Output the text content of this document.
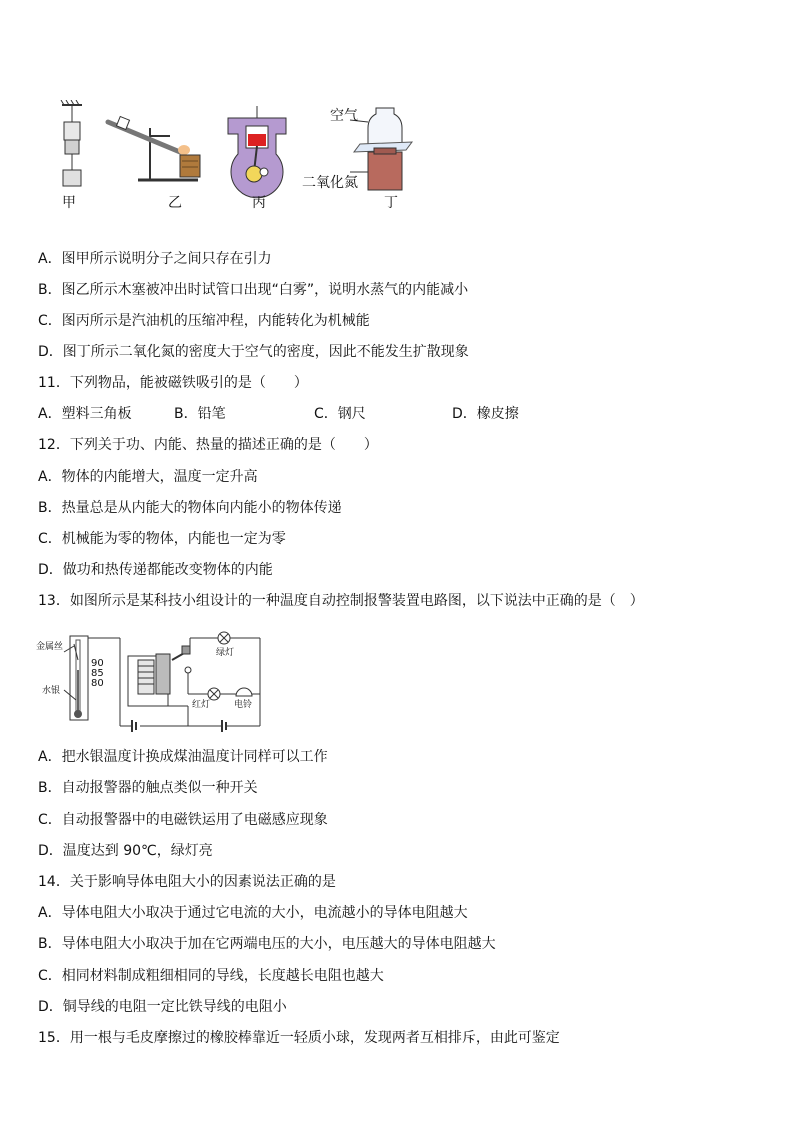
甲	乙	丙	丁
空气
二氧化氮
A．图甲所示说明分子之间只存在引力
B．图乙所示木塞被冲出时试管口出现“白雾”，说明水蒸气的内能减小
C．图丙所示是汽油机的压缩冲程，内能转化为机械能
D．图丁所示二氧化氮的密度大于空气的密度，因此不能发生扩散现象
11．下列物品，能被磁铁吸引的是（　　）
A．塑料三角板	B．铅笔	C．钢尺	D．橡皮擦
12．下列关于功、内能、热量的描述正确的是（　　）
A．物体的内能增大，温度一定升高
B．热量总是从内能大的物体向内能小的物体传递
C．机械能为零的物体，内能也一定为零
D．做功和热传递都能改变物体的内能
13．如图所示是某科技小组设计的一种温度自动控制报警装置电路图，以下说法中正确的是（　）
金属丝
水银
90
85
80
绿灯
红灯	电铃
A．把水银温度计换成煤油温度计同样可以工作
B．自动报警器的触点类似一种开关
C．自动报警器中的电磁铁运用了电磁感应现象
D．温度达到 90℃，绿灯亮
14．关于影响导体电阻大小的因素说法正确的是
A．导体电阻大小取决于通过它电流的大小，电流越小的导体电阻越大
B．导体电阻大小取决于加在它两端电压的大小，电压越大的导体电阻越大
C．相同材料制成粗细相同的导线，长度越长电阻也越大
D．铜导线的电阻一定比铁导线的电阻小
15．用一根与毛皮摩擦过的橡胶棒靠近一轻质小球，发现两者互相排斥，由此可鉴定
